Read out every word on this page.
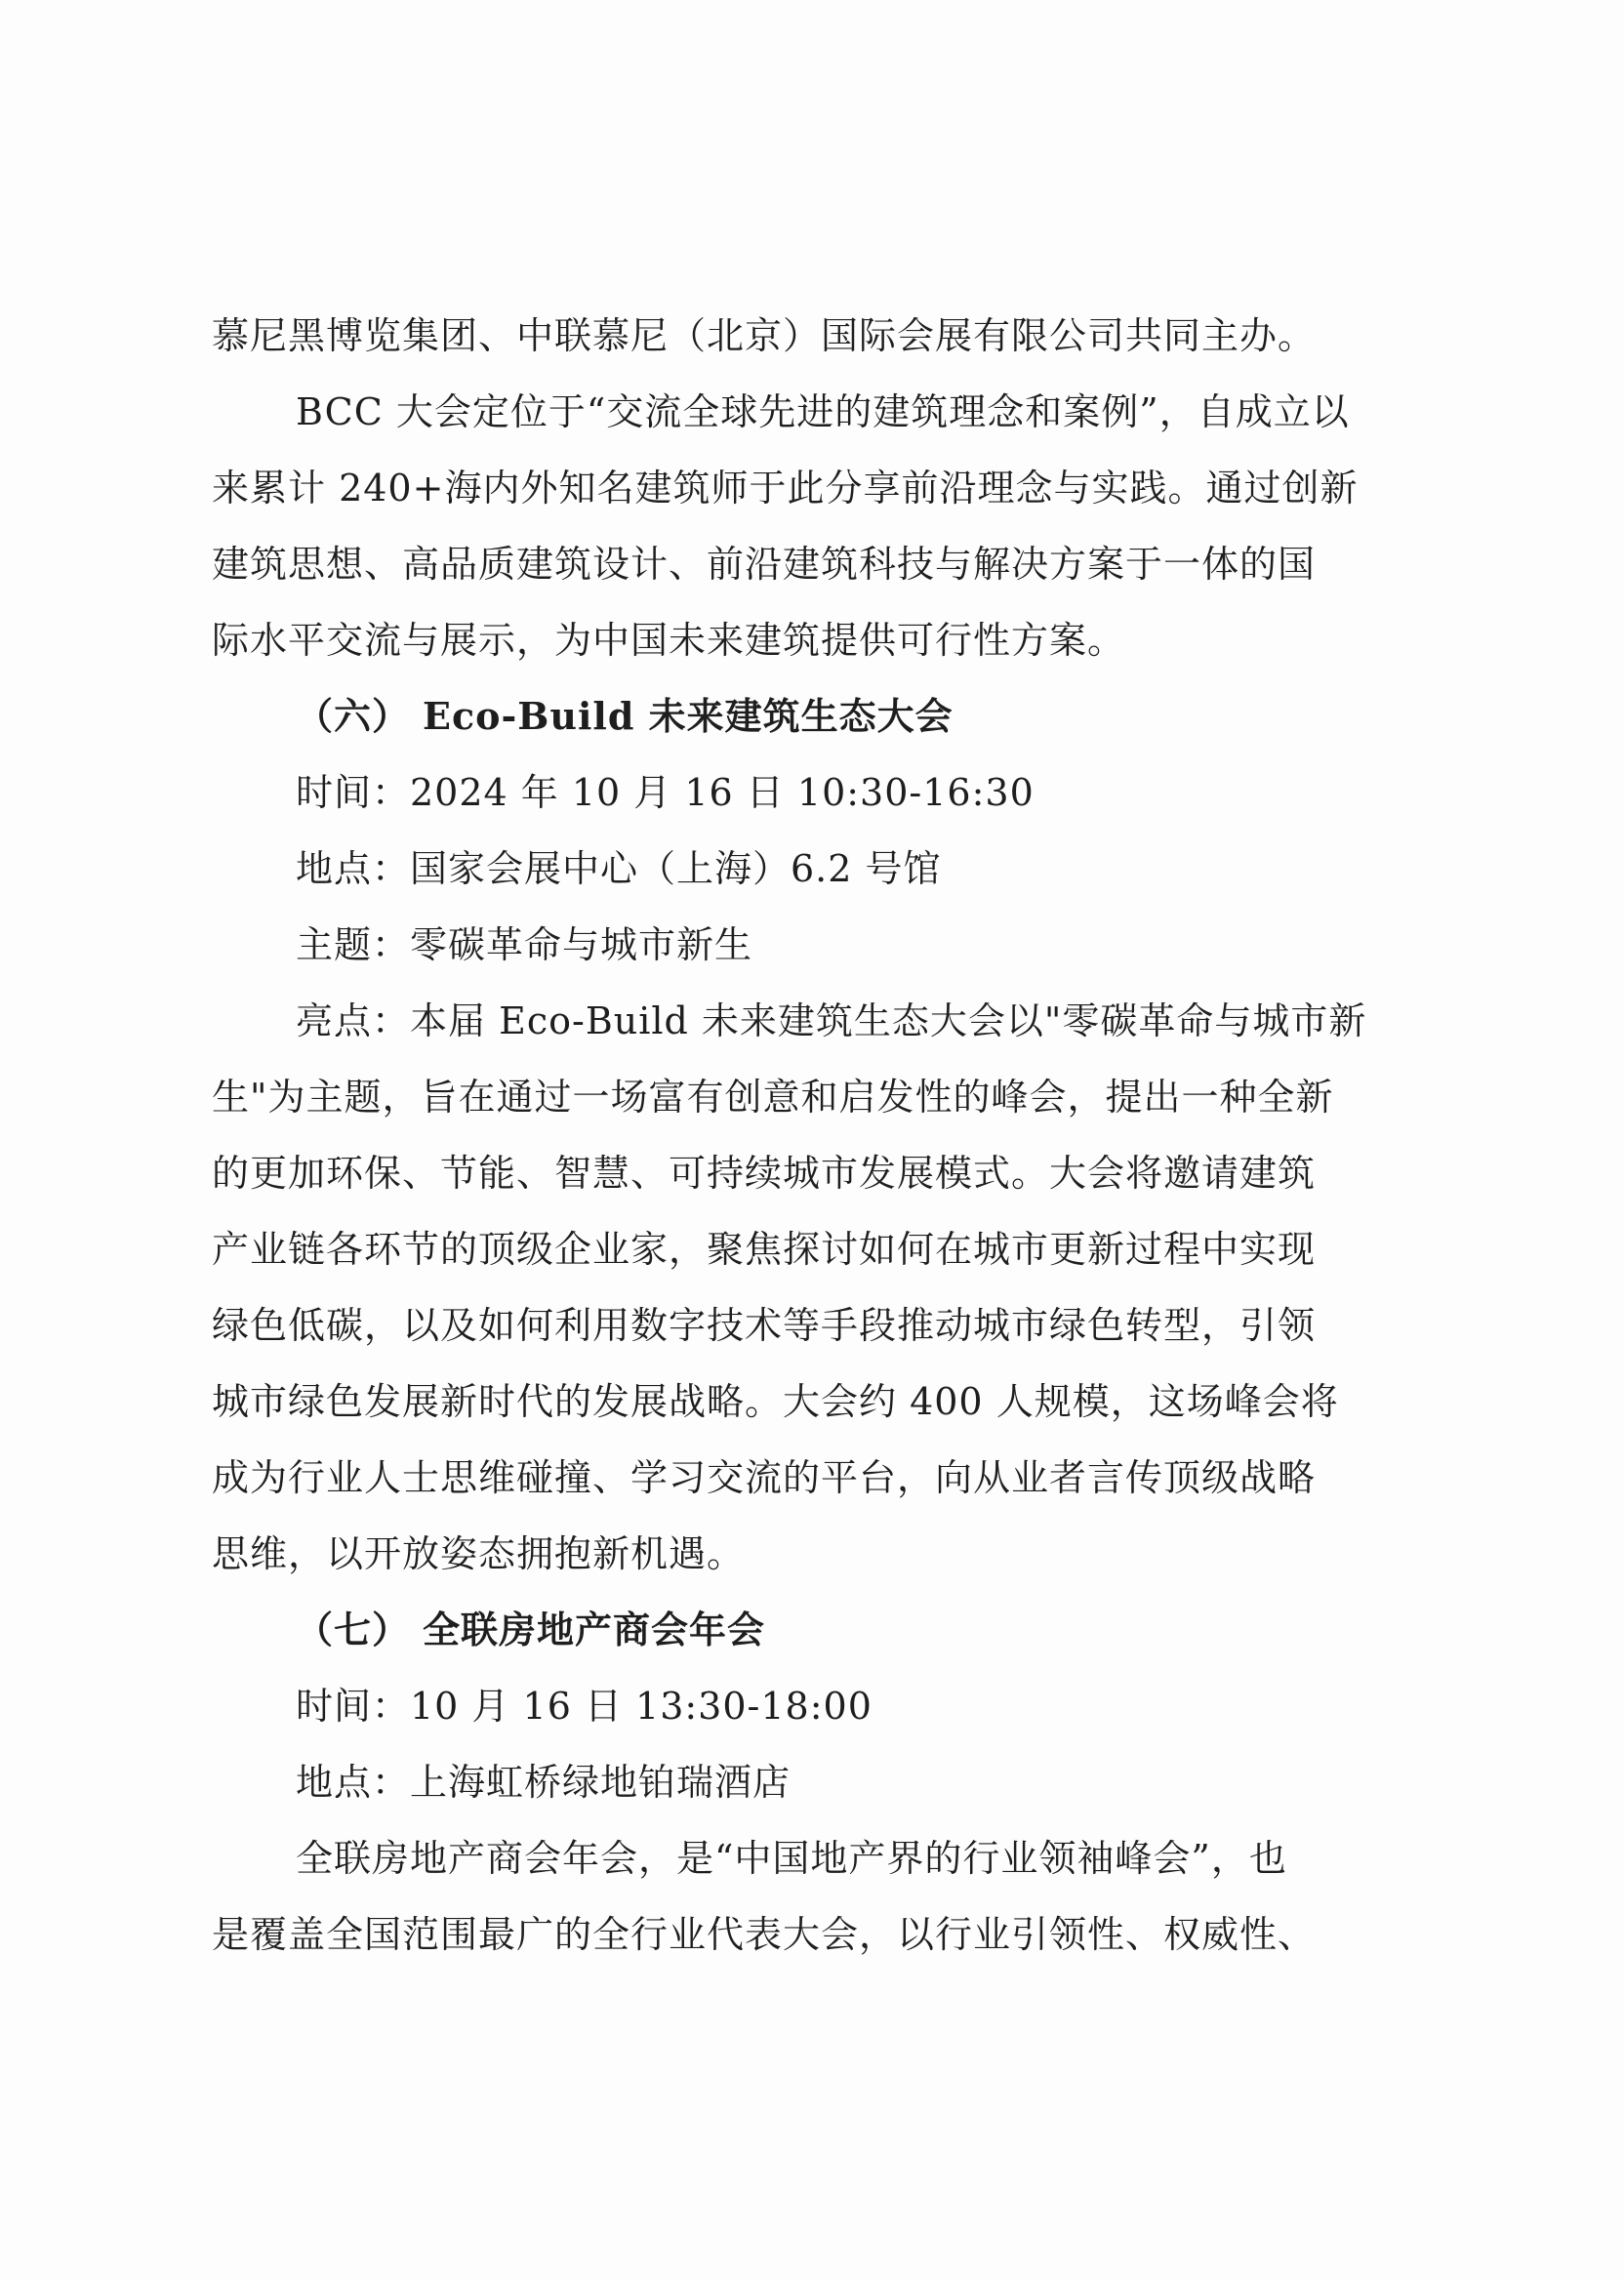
慕尼黑博览集团、中联慕尼（北京）国际会展有限公司共同主办。
BCC 大会定位于“交流全球先进的建筑理念和案例”，自成立以
来累计 240+海内外知名建筑师于此分享前沿理念与实践。通过创新
建筑思想、高品质建筑设计、前沿建筑科技与解决方案于一体的国
际水平交流与展示，为中国未来建筑提供可行性方案。
（六） Eco-Build 未来建筑生态大会
时间：2024 年 10 月 16 日 10:30-16:30
地点：国家会展中心（上海）6.2 号馆
主题：零碳革命与城市新生
亮点：本届 Eco-Build 未来建筑生态大会以"零碳革命与城市新
生"为主题，旨在通过一场富有创意和启发性的峰会，提出一种全新
的更加环保、节能、智慧、可持续城市发展模式。大会将邀请建筑
产业链各环节的顶级企业家，聚焦探讨如何在城市更新过程中实现
绿色低碳，以及如何利用数字技术等手段推动城市绿色转型，引领
城市绿色发展新时代的发展战略。大会约 400 人规模，这场峰会将
成为行业人士思维碰撞、学习交流的平台，向从业者言传顶级战略
思维，以开放姿态拥抱新机遇。
（七） 全联房地产商会年会
时间：10 月 16 日 13:30-18:00
地点：上海虹桥绿地铂瑞酒店
全联房地产商会年会，是“中国地产界的行业领袖峰会”，也
是覆盖全国范围最广的全行业代表大会，以行业引领性、权威性、
